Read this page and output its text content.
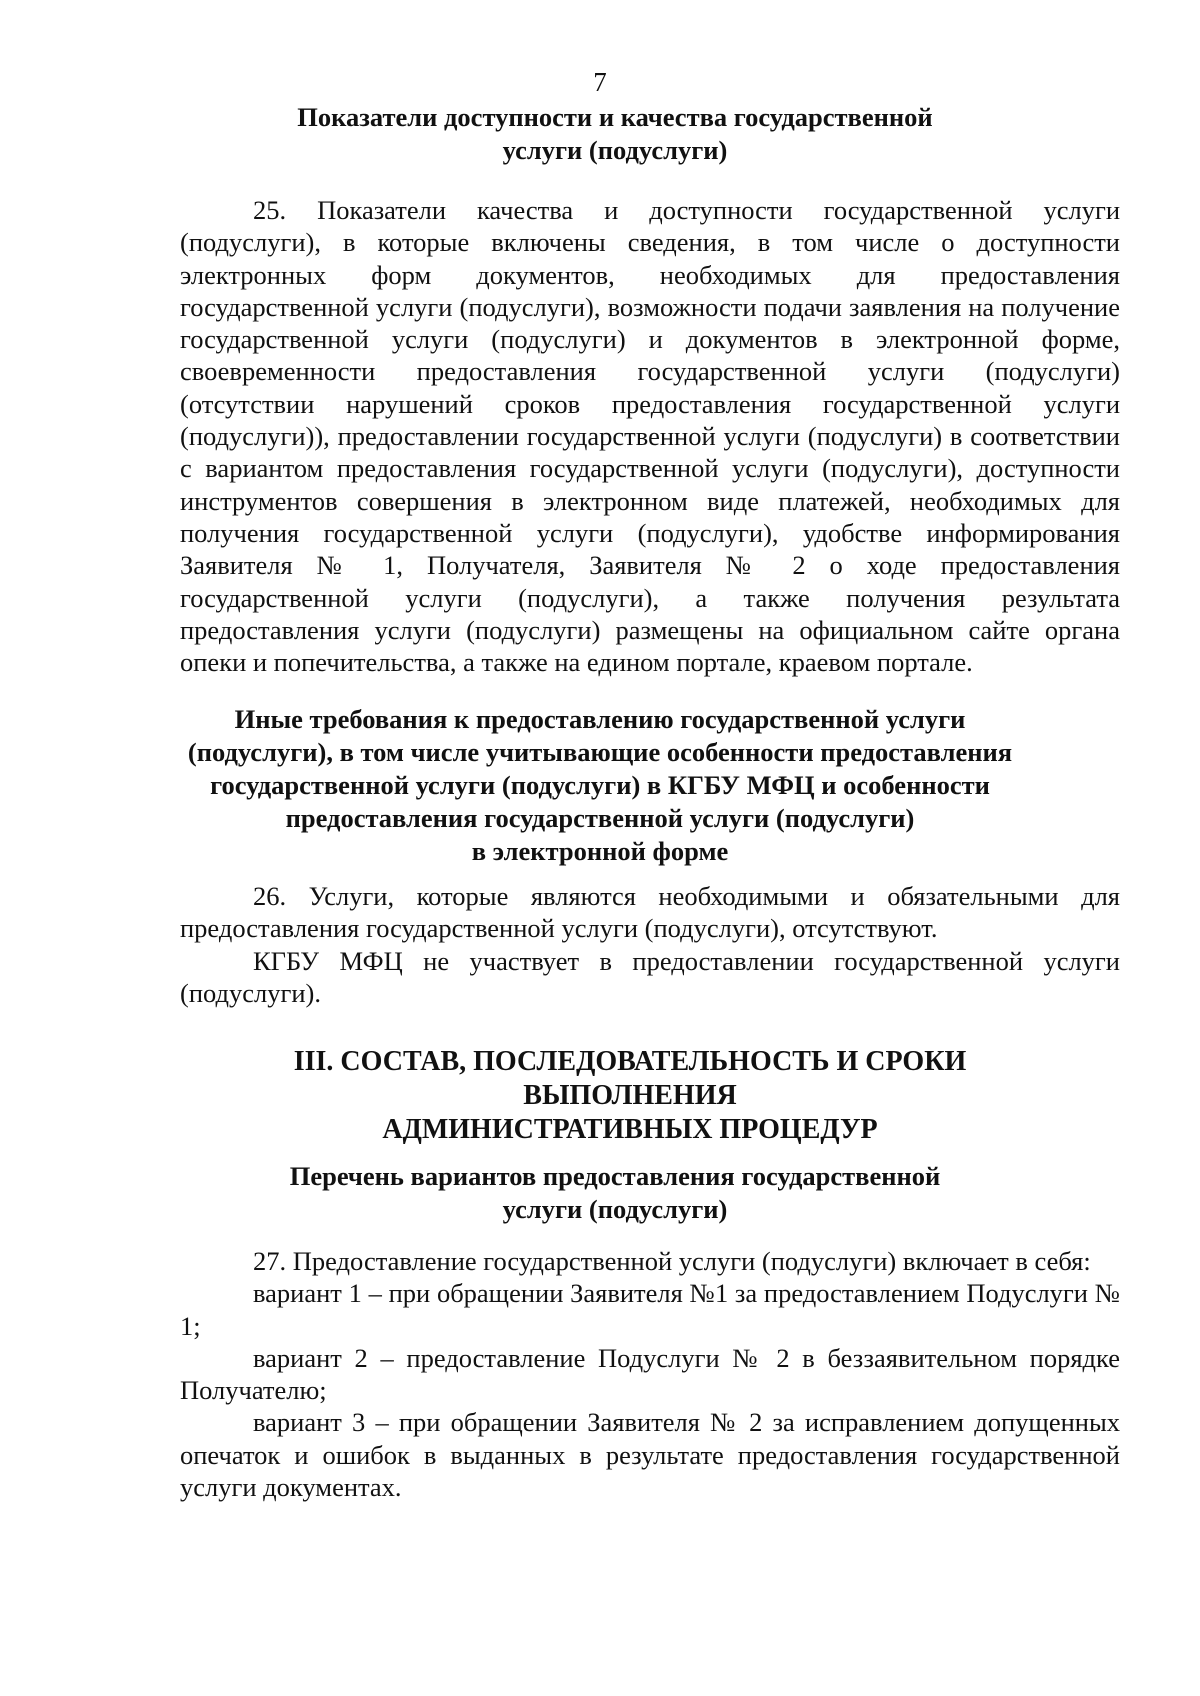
7
Показатели доступности и качества государственной
услуги (подуслуги)

25. Показатели качества и доступности государственной услуги (подуслуги), в которые включены сведения, в том числе о доступности электронных форм документов, необходимых для предоставления государственной услуги (подуслуги), возможности подачи заявления на получение государственной услуги (подуслуги) и документов в электронной форме, своевременности предоставления государственной услуги (подуслуги) (отсутствии нарушений сроков предоставления государственной услуги (подуслуги)), предоставлении государственной услуги (подуслуги) в соответствии с вариантом предоставления государственной услуги (подуслуги), доступности инструментов совершения в электронном виде платежей, необходимых для получения государственной услуги (подуслуги), удобстве информирования Заявителя № 1, Получателя, Заявителя № 2 о ходе предоставления государственной услуги (подуслуги), а также получения результата предоставления услуги (подуслуги) размещены на официальном сайте органа опеки и попечительства, а также на едином портале, краевом портале.

Иные требования к предоставлению государственной услуги
(подуслуги), в том числе учитывающие особенности предоставления
государственной услуги (подуслуги) в КГБУ МФЦ и особенности
предоставления государственной услуги (подуслуги)
в электронной форме

26. Услуги, которые являются необходимыми и обязательными для предоставления государственной услуги (подуслуги), отсутствуют.

КГБУ МФЦ не участвует в предоставлении государственной услуги (подуслуги).

III. СОСТАВ, ПОСЛЕДОВАТЕЛЬНОСТЬ И СРОКИ
ВЫПОЛНЕНИЯ
АДМИНИСТРАТИВНЫХ ПРОЦЕДУР
Перечень вариантов предоставления государственной
услуги (подуслуги)

27. Предоставление государственной услуги (подуслуги) включает в себя:

вариант 1 – при обращении Заявителя №1 за предоставлением Подуслуги № 1;

вариант 2 – предоставление Подуслуги № 2 в беззаявительном порядке Получателю;

вариант 3 – при обращении Заявителя № 2 за исправлением допущенных опечаток и ошибок в выданных в результате предоставления государственной услуги документах.
